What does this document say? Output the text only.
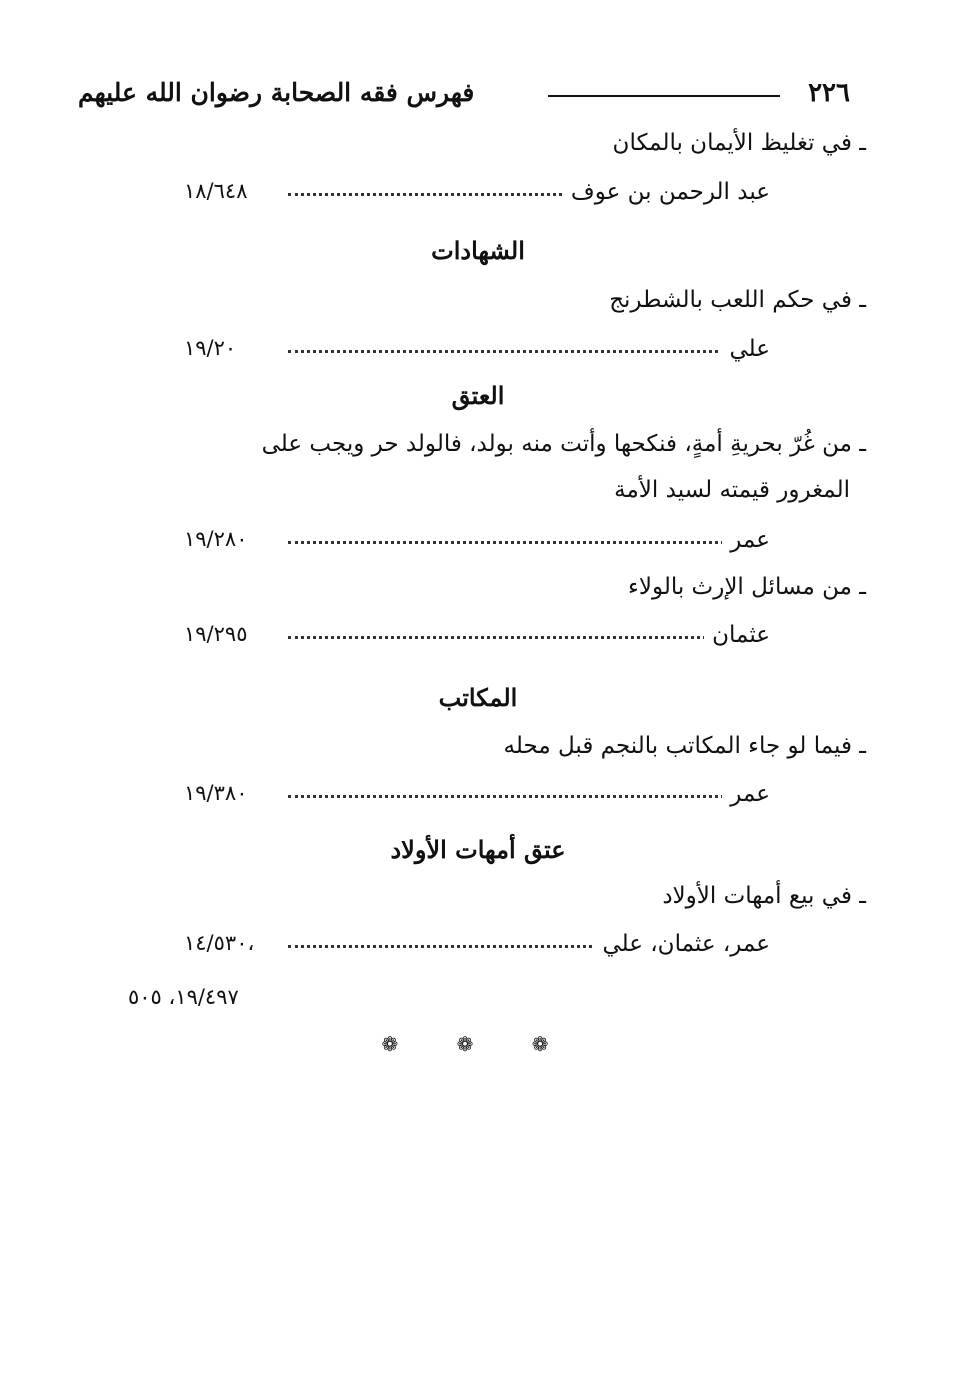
٢٢٦
فهرس فقه الصحابة رضوان الله عليهم
ـ في تغليظ الأيمان بالمكان
عبد الرحمن بن عوف
١٨/٦٤٨
الشهادات
ـ في حكم اللعب بالشطرنج
علي
١٩/٢٠
العتق
ـ من غُرّ بحريةِ أمةٍ، فنكحها وأتت منه بولد، فالولد حر ويجب على
المغرور قيمته لسيد الأمة
عمر
١٩/٢٨٠
ـ من مسائل الإرث بالولاء
عثمان
١٩/٢٩٥
المكاتب
ـ فيما لو جاء المكاتب بالنجم قبل محله
عمر
١٩/٣٨٠
عتق أمهات الأولاد
ـ في بيع أمهات الأولاد
عمر، عثمان، علي
١٤/٥٣٠،
١٩/٤٩٧، ٥٠٥
❁ ❁ ❁
